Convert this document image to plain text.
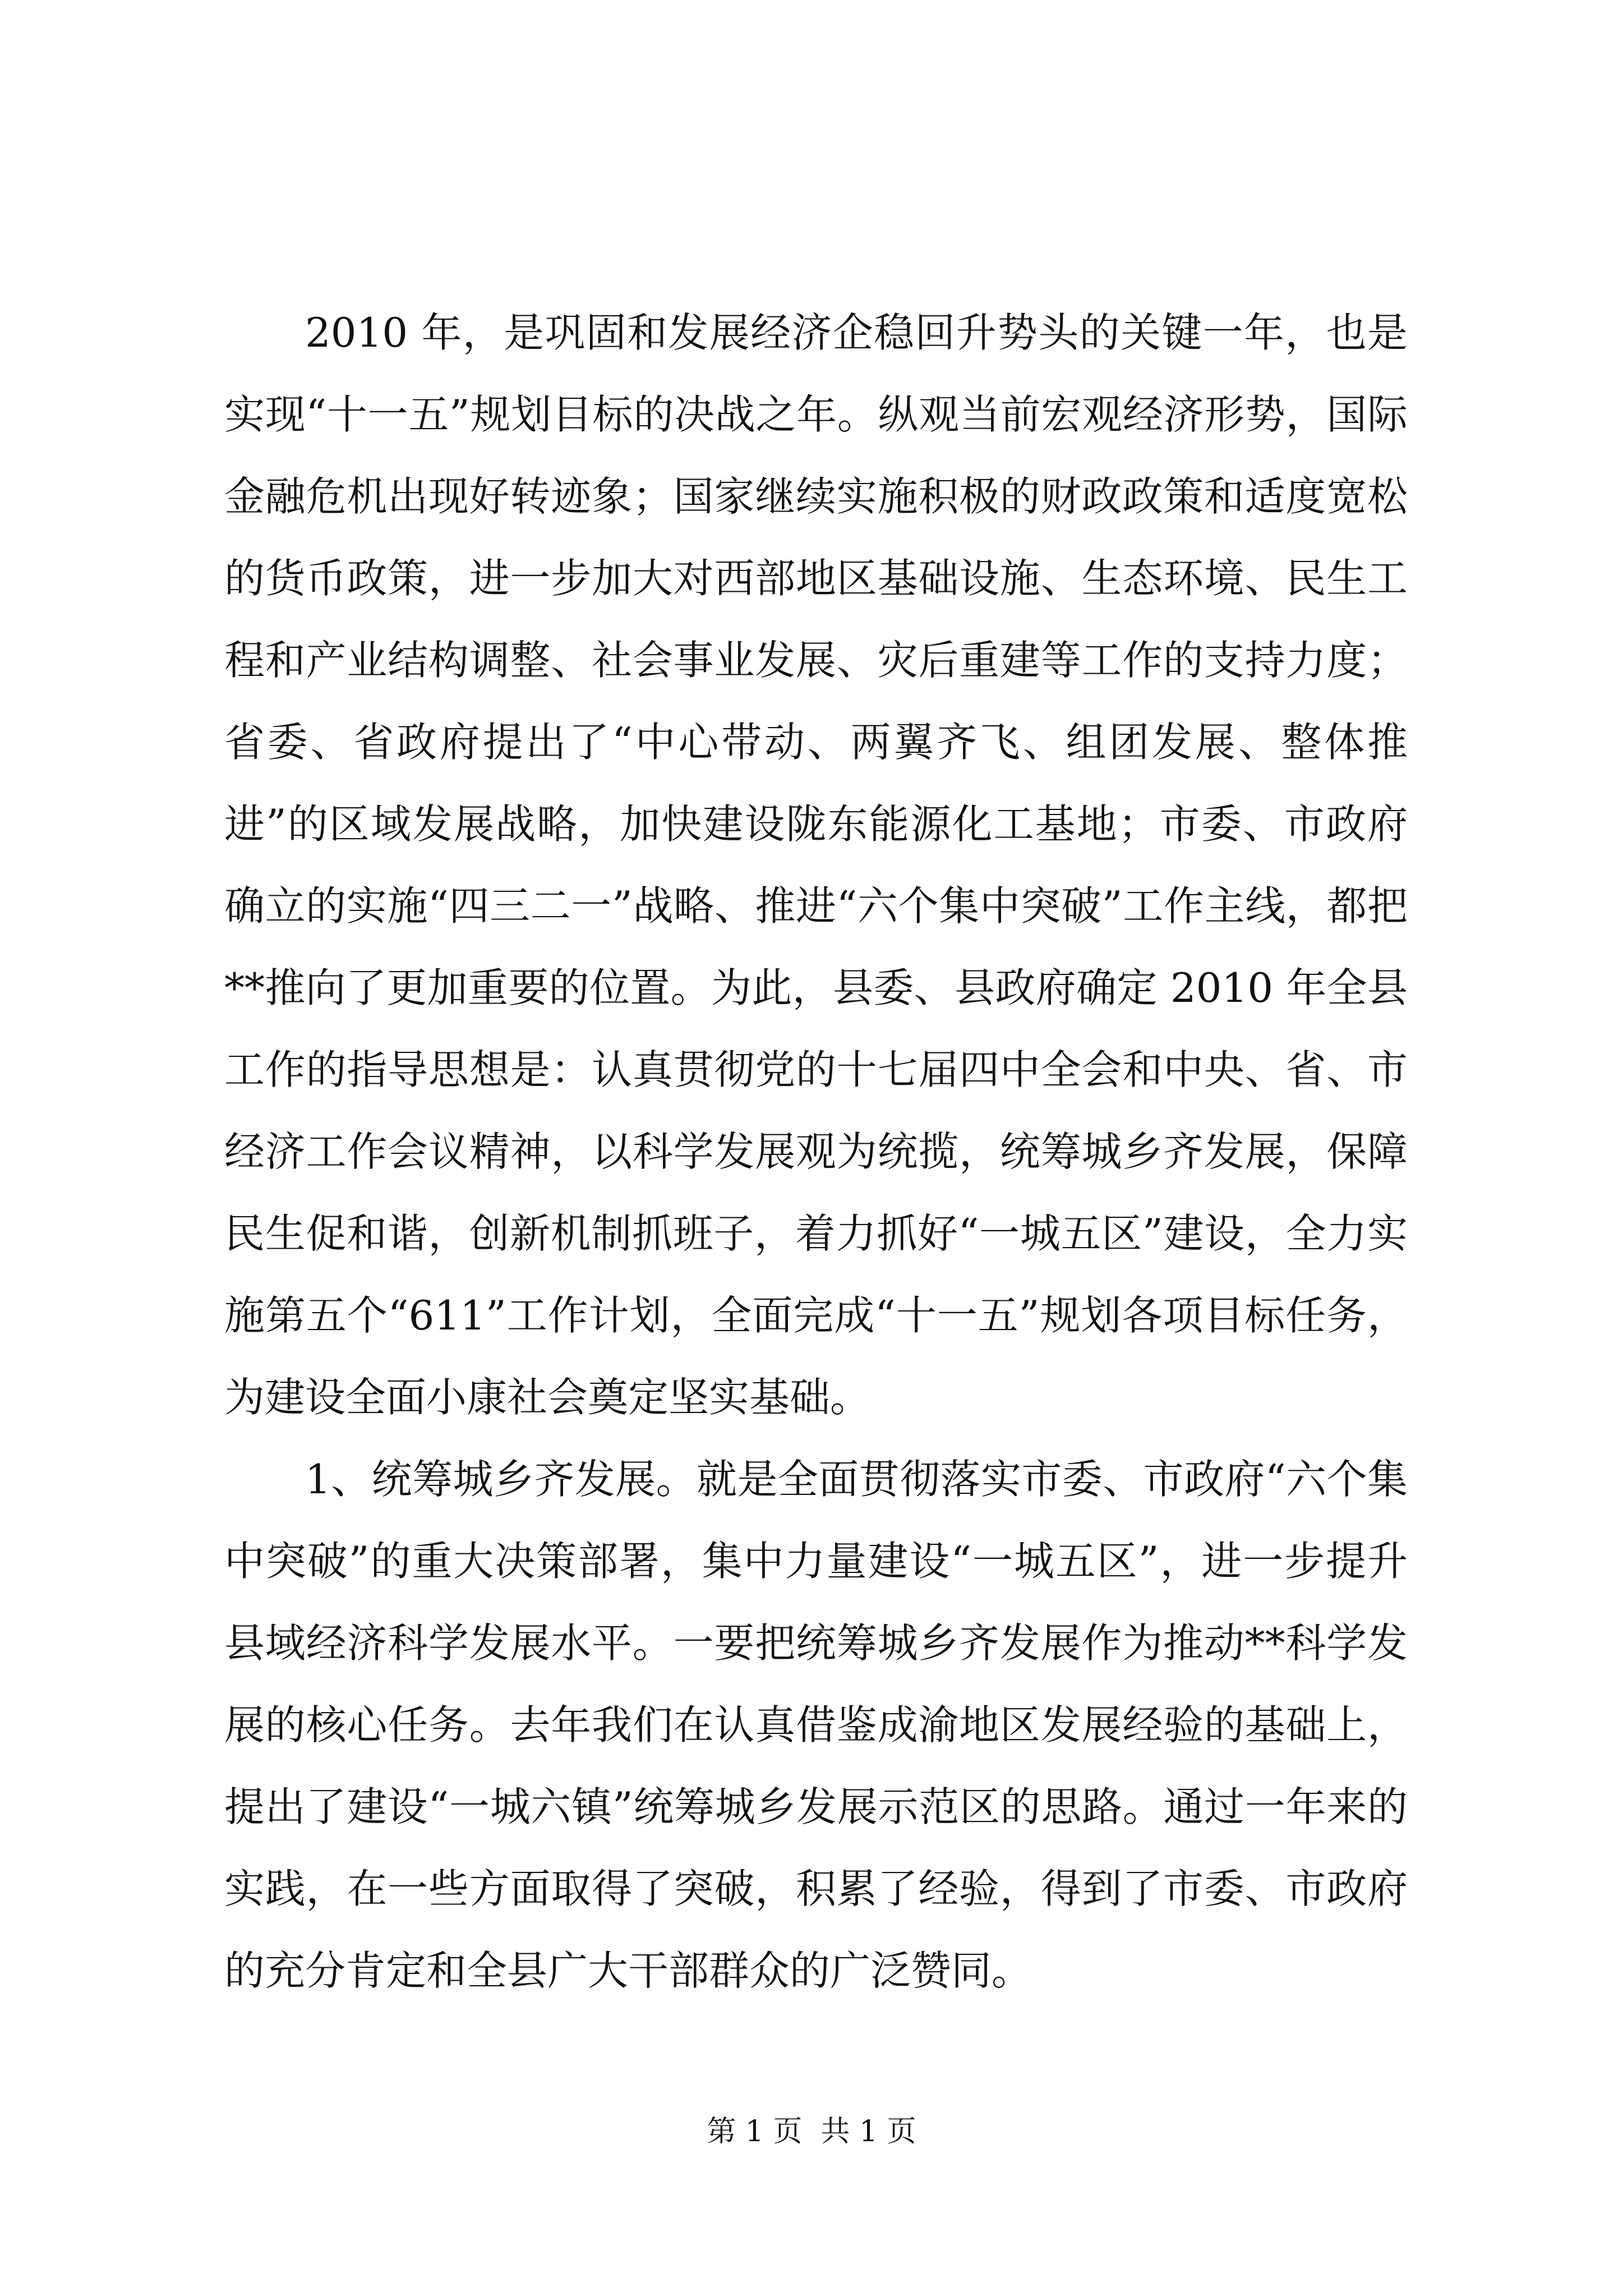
2010 年，是巩固和发展经济企稳回升势头的关键一年，也是实现“十一五”规划目标的决战之年。纵观当前宏观经济形势，国际金融危机出现好转迹象；国家继续实施积极的财政政策和适度宽松的货币政策，进一步加大对西部地区基础设施、生态环境、民生工程和产业结构调整、社会事业发展、灾后重建等工作的支持力度；省委、省政府提出了“中心带动、两翼齐飞、组团发展、整体推进”的区域发展战略，加快建设陇东能源化工基地；市委、市政府确立的实施“四三二一”战略、推进“六个集中突破”工作主线，都把**推向了更加重要的位置。为此，县委、县政府确定 2010 年全县工作的指导思想是：认真贯彻党的十七届四中全会和中央、省、市经济工作会议精神，以科学发展观为统揽，统筹城乡齐发展，保障民生促和谐，创新机制抓班子，着力抓好“一城五区”建设，全力实施第五个“611”工作计划，全面完成“十一五”规划各项目标任务，为建设全面小康社会奠定坚实基础。

1、统筹城乡齐发展。就是全面贯彻落实市委、市政府“六个集中突破”的重大决策部署，集中力量建设“一城五区”，进一步提升县域经济科学发展水平。一要把统筹城乡齐发展作为推动**科学发展的核心任务。去年我们在认真借鉴成渝地区发展经验的基础上，提出了建设“一城六镇”统筹城乡发展示范区的思路。通过一年来的实践，在一些方面取得了突破，积累了经验，得到了市委、市政府的充分肯定和全县广大干部群众的广泛赞同。

第 1 页  共 1 页
